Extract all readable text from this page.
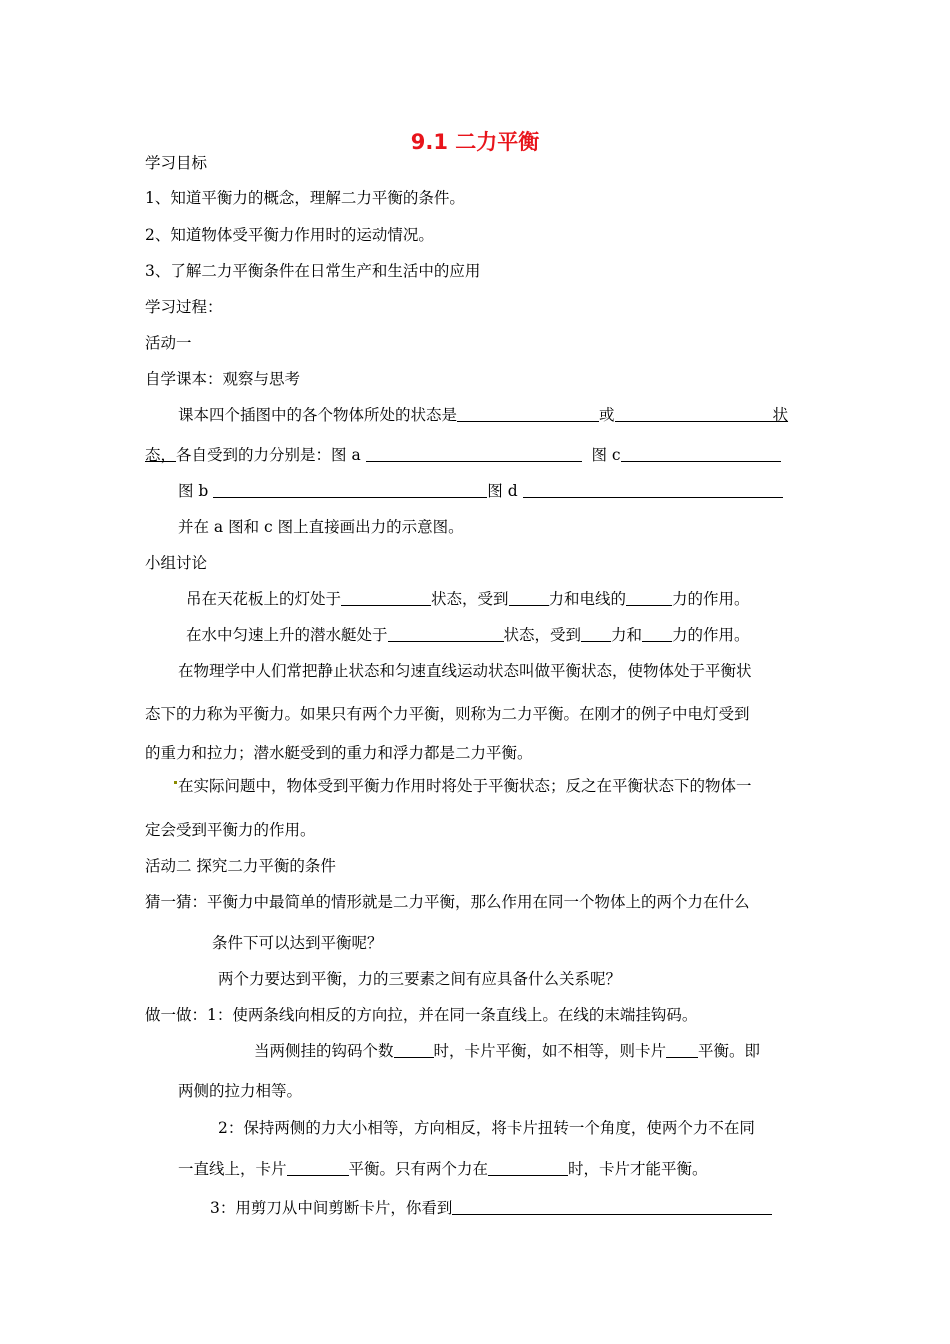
9.1 二力平衡
学习目标
1、知道平衡力的概念，理解二力平衡的条件。
2、知道物体受平衡力作用时的运动情况。
3、了解二力平衡条件在日常生产和生活中的应用
学习过程：
活动一
自学课本：观察与思考
课本四个插图中的各个物体所处的状态是	或	状
态，各自受到的力分别是：图 a	图 c
图 b	图 d
并在 a 图和 c 图上直接画出力的示意图。
小组讨论
吊在天花板上的灯处于	状态，受到	力和电线的	力的作用。
在水中匀速上升的潜水艇处于	状态，受到 力和 力的作用。
在物理学中人们常把静止状态和匀速直线运动状态叫做平衡状态，使物体处于平衡状
态下的力称为平衡力。如果只有两个力平衡，则称为二力平衡。在刚才的例子中电灯受到
的重力和拉力；潜水艇受到的重力和浮力都是二力平衡。
在实际问题中，物体受到平衡力作用时将处于平衡状态；反之在平衡状态下的物体一
定会受到平衡力的作用。
活动二 探究二力平衡的条件
猜一猜：平衡力中最简单的情形就是二力平衡，那么作用在同一个物体上的两个力在什么
条件下可以达到平衡呢？
两个力要达到平衡，力的三要素之间有应具备什么关系呢？
做一做：1：使两条线向相反的方向拉，并在同一条直线上。在线的末端挂钩码。
当两侧挂的钩码个数	时，卡片平衡，如不相等，则卡片 平衡。即
两侧的拉力相等。
2：保持两侧的力大小相等，方向相反，将卡片扭转一个角度，使两个力不在同
一直线上，卡片	平衡。只有两个力在	时，卡片才能平衡。
3：用剪刀从中间剪断卡片，你看到
